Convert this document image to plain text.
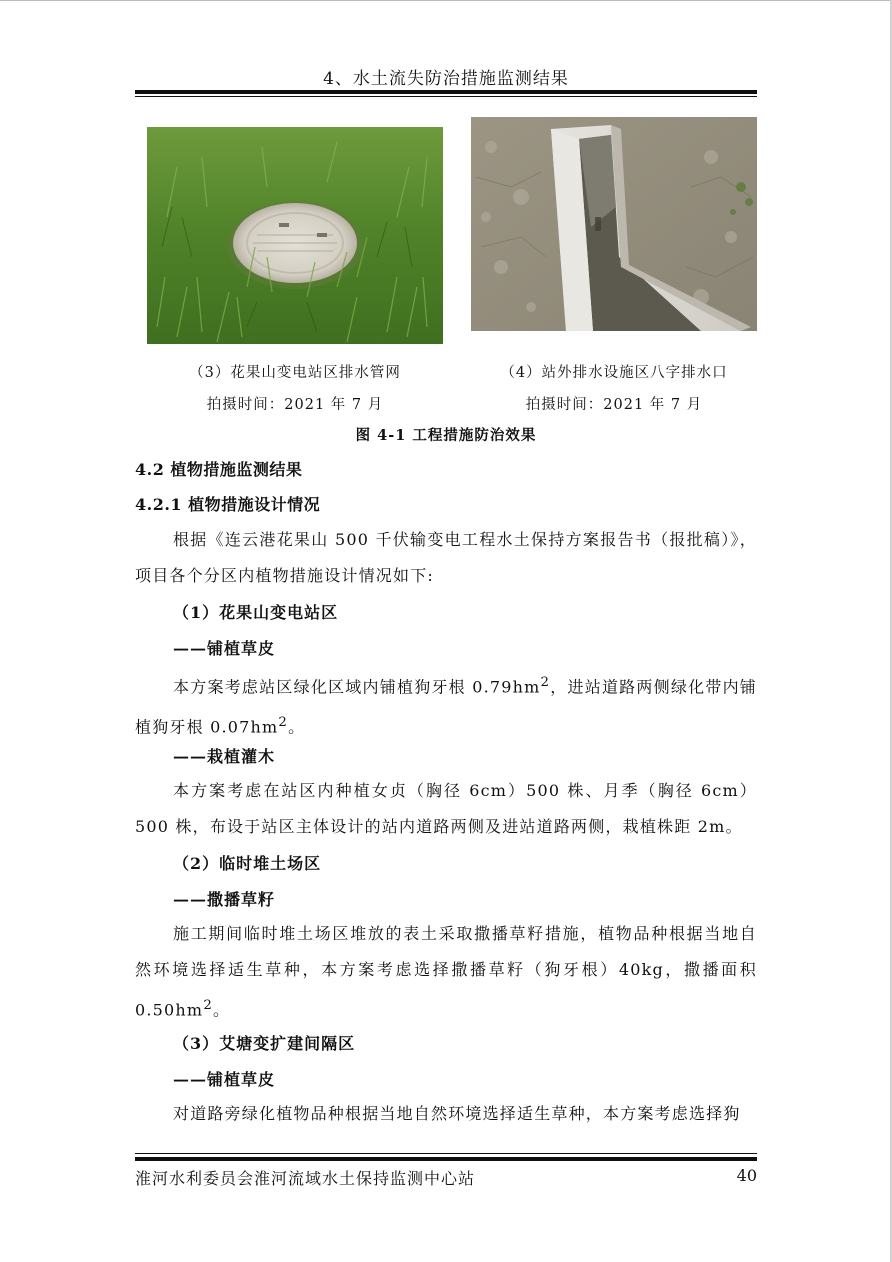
4、水土流失防治措施监测结果
（3）花果山变电站区排水管网	（4）站外排水设施区八字排水口
拍摄时间：2021 年 7 月	拍摄时间：2021 年 7 月
图 4-1 工程措施防治效果
4.2 植物措施监测结果
4.2.1 植物措施设计情况

根据《连云港花果山 500 千伏输变电工程水土保持方案报告书（报批稿）》，项目各个分区内植物措施设计情况如下:

（1）花果山变电站区
——铺植草皮

本方案考虑站区绿化区域内铺植狗牙根 $0.79hm^2$，进站道路两侧绿化带内铺植狗牙根 $0.07hm^2$。

——栽植灌木

本方案考虑在站区内种植女贞（胸径 6cm）500 株、月季（胸径 6cm）500 株，布设于站区主体设计的站内道路两侧及进站道路两侧，栽植株距 2m。

（2）临时堆土场区
——撒播草籽

施工期间临时堆土场区堆放的表土采取撒播草籽措施，植物品种根据当地自然环境选择适生草种，本方案考虑选择撒播草籽（狗牙根）40kg，撒播面积 $0.50hm^2$。

（3）艾塘变扩建间隔区
——铺植草皮

对道路旁绿化植物品种根据当地自然环境选择适生草种，本方案考虑选择狗

淮河水利委员会淮河流域水土保持监测中心站	40
